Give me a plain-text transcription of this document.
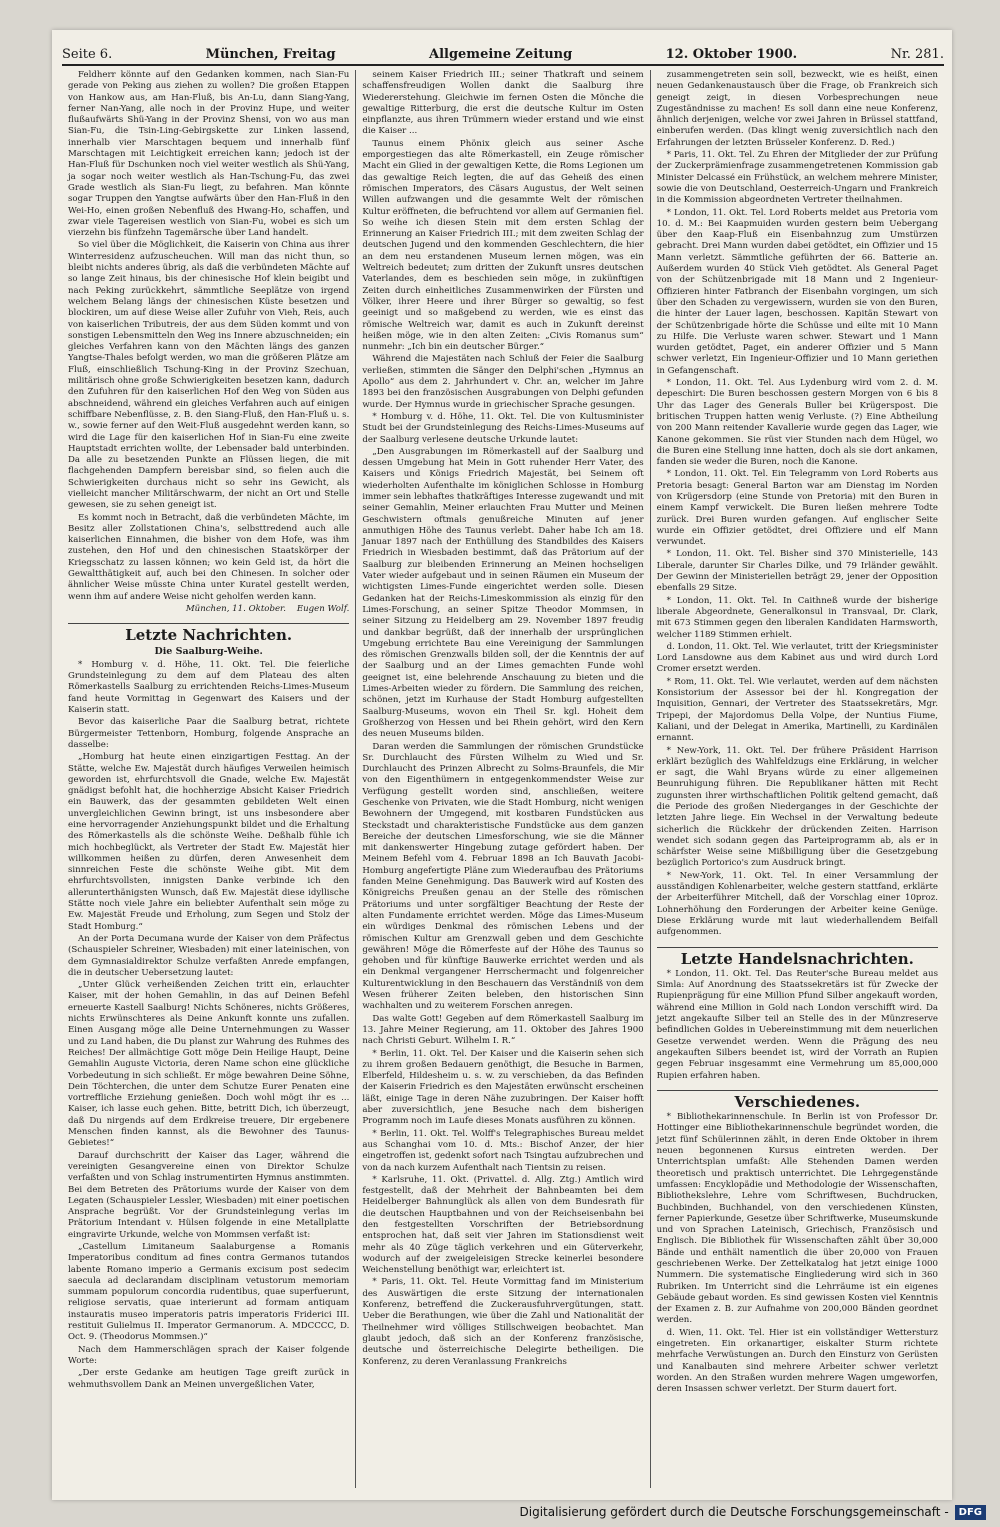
Seite 6.	München, Freitag	Allgemeine Zeitung	12. Oktober 1900.	Nr. 281.

Feldherr könnte auf den Gedanken kommen, nach Sian-Fu gerade von Peking aus ziehen zu wollen? Die großen Etappen von Hankow aus, am Han-Fluß, bis An-Lu, dann Siang-Yang, ferner Nan-Yang, alle noch in der Provinz Hupe, und weiter flußaufwärts Shü-Yang in der Provinz Shensi, von wo aus man Sian-Fu, die Tsin-Ling-Gebirgskette zur Linken lassend, innerhalb vier Marschtagen bequem und innerhalb fünf Marschtagen mit Leichtigkeit erreichen kann; jedoch ist der Han-Fluß für Dschunken noch viel weiter westlich als Shü-Yang, ja sogar noch weiter westlich als Han-Tschung-Fu, das zwei Grade westlich als Sian-Fu liegt, zu befahren. Man könnte sogar Truppen den Yangtse aufwärts über den Han-Fluß in den Wei-Ho, einen großen Nebenfluß des Hwang-Ho, schaffen, und zwar viele Tagereisen westlich von Sian-Fu, wobei es sich um vierzehn bis fünfzehn Tagemärsche über Land handelt.

So viel über die Möglichkeit, die Kaiserin von China aus ihrer Winterresidenz aufzuscheuchen. Will man das nicht thun, so bleibt nichts anderes übrig, als daß die verbündeten Mächte auf so lange Zeit hinaus, bis der chinesische Hof klein beigibt und nach Peking zurückkehrt, sämmtliche Seeplätze von irgend welchem Belang längs der chinesischen Küste besetzen und blockiren, um auf diese Weise aller Zufuhr von Vieh, Reis, auch von kaiserlichen Tributreis, der aus dem Süden kommt und von sonstigen Lebensmitteln den Weg ins Innere abzuschneiden; ein gleiches Verfahren kann von den Mächten längs des ganzen Yangtse-Thales befolgt werden, wo man die größeren Plätze am Fluß, einschließlich Tschung-King in der Provinz Szechuan, militärisch ohne große Schwierigkeiten besetzen kann, dadurch den Zufuhren für den kaiserlichen Hof den Weg von Süden aus abschneidend, während ein gleiches Verfahren auch auf einigen schiffbare Nebenflüsse, z. B. den Siang-Fluß, den Han-Fluß u. s. w., sowie ferner auf den Weit-Fluß ausgedehnt werden kann, so wird die Lage für den kaiserlichen Hof in Sian-Fu eine zweite Hauptstadt errichten wollte, der Lebensader bald unterbinden. Da alle zu besetzenden Punkte an Flüssen liegen, die mit flachgehenden Dampfern bereisbar sind, so fielen auch die Schwierigkeiten durchaus nicht so sehr ins Gewicht, als vielleicht mancher Militärschwarm, der nicht an Ort und Stelle gewesen, sie zu sehen geneigt ist.

Es kommt noch in Betracht, daß die verbündeten Mächte, im Besitz aller Zollstationen China's, selbsttredend auch alle kaiserlichen Einnahmen, die bisher von dem Hofe, was ihm zustehen, den Hof und den chinesischen Staatskörper der Kriegsschatz zu lassen können; wo kein Geld ist, da hört die Gewaltthätigkeit auf, auch bei den Chinesen. In solcher oder ähnlicher Weise müsste China unter Kuratel gestellt werden, wenn ihm auf andere Weise nicht geholfen werden kann.

München, 11. Oktober. Eugen Wolf.
Letzte Nachrichten.
Die Saalburg-Weihe.

* Homburg v. d. Höhe, 11. Okt. Tel. Die feierliche Grundsteinlegung zu dem auf dem Plateau des alten Römerkastells Saalburg zu errichtenden Reichs-Limes-Museum fand heute Vormittag in Gegenwart des Kaisers und der Kaiserin statt.

Bevor das kaiserliche Paar die Saalburg betrat, richtete Bürgermeister Tettenborn, Homburg, folgende Ansprache an dasselbe:

„Homburg hat heute einen einzigartigen Festtag. An der Stätte, welche Ew. Majestät durch häufiges Verweilen heimisch geworden ist, ehrfurchtsvoll die Gnade, welche Ew. Majestät gnädigst befohlt hat, die hochherzige Absicht Kaiser Friedrich ein Bauwerk, das der gesammten gebildeten Welt einen unvergleichlichen Gewinn bringt, ist uns insbesondere aber eine hervorragender Anziehungspunkt bildet und die Erhaltung des Römerkastells als die schönste Weihe. Deßhalb fühle ich mich hochbeglückt, als Vertreter der Stadt Ew. Majestät hier willkommen heißen zu dürfen, deren Anwesenheit dem sinnreichen Feste die schönste Weihe gibt. Mit dem ehrfurchtsvollsten, innigsten Danke verbinde ich den allerunterthänigsten Wunsch, daß Ew. Majestät diese idyllische Stätte noch viele Jahre ein beliebter Aufenthalt sein möge zu Ew. Majestät Freude und Erholung, zum Segen und Stolz der Stadt Homburg.“

An der Porta Decumana wurde der Kaiser von dem Präfectus (Schauspieler Schreiner, Wiesbaden) mit einer lateinischen, von dem Gymnasialdirektor Schulze verfaßten Anrede empfangen, die in deutscher Uebersetzung lautet:

„Unter Glück verheißenden Zeichen tritt ein, erlauchter Kaiser, mit der hohen Gemahlin, in das auf Deinen Befehl erneuerte Kastell Saalburg! Nichts Schöneres, nichts Größeres, nichts Erwünschteres als Deine Ankunft konnte uns zufallen. Einen Ausgang möge alle Deine Unternehmungen zu Wasser und zu Land haben, die Du planst zur Wahrung des Ruhmes des Reiches! Der allmächtige Gott möge Dein Heilige Haupt, Deine Gemahlin Auguste Victoria, deren Name schon eine glückliche Vorbedeutung in sich schließt. Er möge bewahren Deine Söhne, Dein Töchterchen, die unter dem Schutze Eurer Penaten eine vortreffliche Erziehung genießen. Doch wohl mögt ihr es ... Kaiser, ich lasse euch gehen. Bitte, betritt Dich, ich überzeugt, daß Du nirgends auf dem Erdkreise treuere, Dir ergebenere Menschen finden kannst, als die Bewohner des Taunus-Gebietes!“

Darauf durchschritt der Kaiser das Lager, während die vereinigten Gesangvereine einen von Direktor Schulze verfaßten und von Schlag instrumentirten Hymnus anstimmten. Bei dem Betreten des Prätoriums wurde der Kaiser von dem Legaten (Schauspieler Lessler, Wiesbaden) mit einer poetischen Ansprache begrüßt. Vor der Grundsteinlegung verlas im Prätorium Intendant v. Hülsen folgende in eine Metallplatte eingravirte Urkunde, welche von Mommsen verfaßt ist:

„Castellum Limitaneum Saalaburgense a Romanis Imperatoribus conditum ad fines contra Germanos tutandos labente Romano imperio a Germanis excisum post sedecim saecula ad declarandam disciplinam vetustorum memoriam summam populorum concordia rudentibus, quae superfuerunt, religiose servatis, quae interierunt ad formam antiquam instauratis museo imperatoris patris imperatoris Friderici III. restituit Gulielmus II. Imperator Germanorum. A. MDCCCC, D. Oct. 9. (Theodorus Mommsen.)“

Nach dem Hammerschlägen sprach der Kaiser folgende Worte:

„Der erste Gedanke am heutigen Tage greift zurück in wehmuthsvollem Dank an Meinen unvergeßlichen Vater,

seinem Kaiser Friedrich III.; seiner Thatkraft und seinem schaffensfreudigen Wollen dankt die Saalburg ihre Wiedererstehung. Gleichwie im fernen Osten die Mönche die gewaltige Ritterburg, die erst die deutsche Kultur im Osten einpflanzte, aus ihren Trümmern wieder erstand und wie einst die Kaiser ...

Taunus einem Phönix gleich aus seiner Asche emporgestiegen das alte Römerkastell, ein Zeuge römischer Macht ein Glied in der gewaltigen Kette, die Roms Legionen um das gewaltige Reich legten, die auf das Geheiß des einen römischen Imperators, des Cäsars Augustus, der Welt seinen Willen aufzwangen und die gesammte Welt der römischen Kultur eröffneten, die befruchtend vor allem auf Germanien fiel. So weihe ich diesen Stein mit dem ersten Schlag der Erinnerung an Kaiser Friedrich III.; mit dem zweiten Schlag der deutschen Jugend und den kommenden Geschlechtern, die hier an dem neu erstandenen Museum lernen mögen, was ein Weltreich bedeutet; zum dritten der Zukunft unsres deutschen Vaterlandes, dem es beschieden sein möge, in zukünftigen Zeiten durch einheitliches Zusammenwirken der Fürsten und Völker, ihrer Heere und ihrer Bürger so gewaltig, so fest geeinigt und so maßgebend zu werden, wie es einst das römische Weltreich war, damit es auch in Zukunft dereinst heißen möge, wie in den alten Zeiten: „Civis Romanus sum“ nunmehr: „Ich bin ein deutscher Bürger.“

Während die Majestäten nach Schluß der Feier die Saalburg verließen, stimmten die Sänger den Delphi'schen „Hymnus an Apollo“ aus dem 2. Jahrhundert v. Chr. an, welcher im Jahre 1893 bei den französischen Ausgrabungen von Delphi gefunden wurde. Der Hymnus wurde in griechischer Sprache gesungen.

* Homburg v. d. Höhe, 11. Okt. Tel. Die von Kultusminister Studt bei der Grundsteinlegung des Reichs-Limes-Museums auf der Saalburg verlesene deutsche Urkunde lautet:

„Den Ausgrabungen im Römerkastell auf der Saalburg und dessen Umgebung hat Mein in Gott ruhender Herr Vater, des Kaisers und Königs Friedrich Majestät, bei Seinem oft wiederholten Aufenthalte im königlichen Schlosse in Homburg immer sein lebhaftes thatkräftiges Interesse zugewandt und mit seiner Gemahlin, Meiner erlauchten Frau Mutter und Meinen Geschwistern oftmals genußreiche Minuten auf jener anmuthigen Höhe des Taunus verlebt. Daher habe Ich am 18. Januar 1897 nach der Enthüllung des Standbildes des Kaisers Friedrich in Wiesbaden bestimmt, daß das Prätorium auf der Saalburg zur bleibenden Erinnerung an Meinen hochseligen Vater wieder aufgebaut und in seinen Räumen ein Museum der wichtigsten Limes-Funde eingerichtet werden solle. Diesen Gedanken hat der Reichs-Limeskommission als einzig für den Limes-Forschung, an seiner Spitze Theodor Mommsen, in seiner Sitzung zu Heidelberg am 29. November 1897 freudig und dankbar begrüßt, daß der innerhalb der ursprünglichen Umgebung errichtete Bau eine Vereinigung der Sammlungen des römischen Grenzwalls bilden soll, der die Kenntnis der auf der Saalburg und an der Limes gemachten Funde wohl geeignet ist, eine belehrende Anschauung zu bieten und die Limes-Arbeiten wieder zu fördern. Die Sammlung des reichen, schönen, jetzt im Kurhause der Stadt Homburg aufgestellten Saalburg-Museums, wovon ein Theil Sr. kgl. Hoheit dem Großherzog von Hessen und bei Rhein gehört, wird den Kern des neuen Museums bilden.

Daran werden die Sammlungen der römischen Grundstücke Sr. Durchlaucht des Fürsten Wilhelm zu Wied und Sr. Durchlaucht des Prinzen Albrecht zu Solms-Braunfels, die Mir von den Eigenthümern in entgegenkommendster Weise zur Verfügung gestellt worden sind, anschließen, weitere Geschenke von Privaten, wie die Stadt Homburg, nicht wenigen Bewohnern der Umgegend, mit kostbaren Fundstücken aus Steckstadt und charakteristische Fundstücke aus dem ganzen Bereiche der deutschen Limesforschung, wie sie die Männer mit dankenswerter Hingebung zutage gefördert haben. Der Meinem Befehl vom 4. Februar 1898 an Ich Bauvath Jacobi-Homburg angefertigte Pläne zum Wiederaufbau des Prätoriums fanden Meine Genehmigung. Das Bauwerk wird auf Kosten des Königreichs Preußen genau an der Stelle des römischen Prätoriums und unter sorgfältiger Beachtung der Reste der alten Fundamente errichtet werden. Möge das Limes-Museum ein würdiges Denkmal des römischen Lebens und der römischen Kultur am Grenzwall geben und dem Geschichte gewähren! Möge die Römerfeste auf der Höhe des Taunus so gehoben und für künftige Bauwerke errichtet werden und als ein Denkmal vergangener Herrschermacht und folgenreicher Kulturentwicklung in den Beschauern das Verständniß von dem Wesen früherer Zeiten beleben, den historischen Sinn wachhalten und zu weiterem Forschen anregen.

Das walte Gott! Gegeben auf dem Römerkastell Saalburg im 13. Jahre Meiner Regierung, am 11. Oktober des Jahres 1900 nach Christi Geburt. Wilhelm I. R.“

* Berlin, 11. Okt. Tel. Der Kaiser und die Kaiserin sehen sich zu ihrem großen Bedauern genöthigt, die Besuche in Barmen, Elberfeld, Hildesheim u. s. w. zu verschieben, da das Befinden der Kaiserin Friedrich es den Majestäten erwünscht erscheinen läßt, einige Tage in deren Nähe zuzubringen. Der Kaiser hofft aber zuversichtlich, jene Besuche nach dem bisherigen Programm noch im Laufe dieses Monats ausführen zu können.

* Berlin, 11. Okt. Tel. Wolff's Telegraphisches Bureau meldet aus Schanghai vom 10. d. Mts.: Bischof Anzer, der hier eingetroffen ist, gedenkt sofort nach Tsingtau aufzubrechen und von da nach kurzem Aufenthalt nach Tientsin zu reisen.

* Karlsruhe, 11. Okt. (Privattel. d. Allg. Ztg.) Amtlich wird festgestellt, daß der Mehrheit der Bahnbeamten bei dem Heidelberger Bahnunglück als allen von dem Bundesrath für die deutschen Hauptbahnen und von der Reichseisenbahn bei den festgestellten Vorschriften der Betriebsordnung entsprochen hat, daß seit vier Jahren im Stationsdienst weit mehr als 40 Züge täglich verkehren und ein Güterverkehr, wodurch auf der zweigeleisigen Strecke keinerlei besondere Weichenstellung benöthigt war, erleichtert ist.

* Paris, 11. Okt. Tel. Heute Vormittag fand im Ministerium des Auswärtigen die erste Sitzung der internationalen Konferenz, betreffend die Zuckerausfuhrvergütungen, statt. Ueber die Berathungen, wie über die Zahl und Nationalität der Theilnehmer wird völliges Stillschweigen beobachtet. Man glaubt jedoch, daß sich an der Konferenz französische, deutsche und österreichische Delegirte betheiligen. Die Konferenz, zu deren Veranlassung Frankreichs

zusammengetreten sein soll, bezweckt, wie es heißt, einen neuen Gedankenaustausch über die Frage, ob Frankreich sich geneigt zeigt, in diesen Vorbesprechungen neue Zugeständnisse zu machen! Es soll dann eine neue Konferenz, ähnlich derjenigen, welche vor zwei Jahren in Brüssel stattfand, einberufen werden. (Das klingt wenig zuversichtlich nach den Erfahrungen der letzten Brüsseler Konferenz. D. Red.)

* Paris, 11. Okt. Tel. Zu Ehren der Mitglieder der zur Prüfung der Zuckerprämienfrage zusammengetretenen Kommission gab Minister Delcassé ein Frühstück, an welchem mehrere Minister, sowie die von Deutschland, Oesterreich-Ungarn und Frankreich in die Kommission abgeordneten Vertreter theilnahmen.

* London, 11. Okt. Tel. Lord Roberts meldet aus Pretoria vom 10. d. M.: Bei Kaapmuiden wurden gestern beim Uebergang über den Kaap-Fluß ein Eisenbahnzug zum Umstürzen gebracht. Drei Mann wurden dabei getödtet, ein Offizier und 15 Mann verletzt. Sämmtliche geführten der 66. Batterie an. Außerdem wurden 40 Stück Vieh getödtet. Als General Paget von der Schützenbrigade mit 18 Mann und 2 Ingenieur-Offizieren hinter Fatbranch der Eisenbahn vorgingen, um sich über den Schaden zu vergewissern, wurden sie von den Buren, die hinter der Lauer lagen, beschossen. Kapitän Stewart von der Schützenbrigade hörte die Schüsse und eilte mit 10 Mann zu Hilfe. Die Verluste waren schwer. Stewart und 1 Mann wurden getödtet, Paget, ein anderer Offizier und 5 Mann schwer verletzt, Ein Ingenieur-Offizier und 10 Mann geriethen in Gefangenschaft.

* London, 11. Okt. Tel. Aus Lydenburg wird vom 2. d. M. depeschirt: Die Buren beschossen gestern Morgen von 6 bis 8 Uhr das Lager des Generals Buller bei Krügerspost. Die britischen Truppen hatten wenig Verluste. (?) Eine Abtheilung von 200 Mann reitender Kavallerie wurde gegen das Lager, wie Kanone gekommen. Sie rüst vier Stunden nach dem Hügel, wo die Buren eine Stellung inne hatten, doch als sie dort ankamen, fanden sie weder die Buren, noch die Kanone.

* London, 11. Okt. Tel. Ein Telegramm von Lord Roberts aus Pretoria besagt: General Barton war am Dienstag im Norden von Krügersdorp (eine Stunde von Pretoria) mit den Buren in einem Kampf verwickelt. Die Buren ließen mehrere Todte zurück. Drei Buren wurden gefangen. Auf englischer Seite wurde ein Offizier getödtet, drei Offiziere und elf Mann verwundet.

* London, 11. Okt. Tel. Bisher sind 370 Ministerielle, 143 Liberale, darunter Sir Charles Dilke, und 79 Irländer gewählt. Der Gewinn der Ministeriellen beträgt 29, jener der Opposition ebenfalls 29 Sitze.

* London, 11. Okt. Tel. In Caithneß wurde der bisherige liberale Abgeordnete, Generalkonsul in Transvaal, Dr. Clark, mit 673 Stimmen gegen den liberalen Kandidaten Harmsworth, welcher 1189 Stimmen erhielt.

d. London, 11. Okt. Tel. Wie verlautet, tritt der Kriegsminister Lord Lansdowne aus dem Kabinet aus und wird durch Lord Cromer ersetzt werden.

* Rom, 11. Okt. Tel. Wie verlautet, werden auf dem nächsten Konsistorium der Assessor bei der hl. Kongregation der Inquisition, Gennari, der Vertreter des Staatssekretärs, Mgr. Tripepi, der Majordomus Della Volpe, der Nuntius Fiume, Kaliani, und der Delegat in Amerika, Martinelli, zu Kardinälen ernannt.

* New-York, 11. Okt. Tel. Der frühere Präsident Harrison erklärt bezüglich des Wahlfeldzugs eine Erklärung, in welcher er sagt, die Wahl Bryans würde zu einer allgemeinen Beunruhigung führen. Die Republikaner hätten mit Recht zugunsten ihrer wirthschaftlichen Politik geltend gemacht, daß die Periode des großen Niederganges in der Geschichte der letzten Jahre liege. Ein Wechsel in der Verwaltung bedeute sicherlich die Rückkehr der drückenden Zeiten. Harrison wendet sich sodann gegen das Parteiprogramm ab, als er in schärfster Weise seine Mißbilligung über die Gesetzgebung bezüglich Portorico's zum Ausdruck bringt.

* New-York, 11. Okt. Tel. In einer Versammlung der ausständigen Kohlenarbeiter, welche gestern stattfand, erklärte der Arbeiterführer Mitchell, daß der Vorschlag einer 10proz. Lohnerhöhung den Forderungen der Arbeiter keine Genüge. Diese Erklärung wurde mit laut wiederhallendem Beifall aufgenommen.

Letzte Handelsnachrichten.

* London, 11. Okt. Tel. Das Reuter'sche Bureau meldet aus Simla: Auf Anordnung des Staatssekretärs ist für Zwecke der Rupienprägung für eine Million Pfund Silber angekauft worden, während eine Million in Gold nach London verschifft wird. Da jetzt angekaufte Silber teil an Stelle des in der Münzreserve befindlichen Goldes in Uebereinstimmung mit dem neuerlichen Gesetze verwendet werden. Wenn die Prägung des neu angekauften Silbers beendet ist, wird der Vorrath an Rupien gegen Februar insgesammt eine Vermehrung um 85,000,000 Rupien erfahren haben.

Verschiedenes.

* Bibliothekarinnenschule. In Berlin ist von Professor Dr. Hottinger eine Bibliothekarinnenschule begründet worden, die jetzt fünf Schülerinnen zählt, in deren Ende Oktober in ihrem neuen begonnenen Kursus eintreten werden. Der Unterrichtsplan umfaßt: Alle Stehenden Damen werden theoretisch und praktisch unterrichtet. Die Lehrgegenstände umfassen: Encyklopädie und Methodologie der Wissenschaften, Bibliothekslehre, Lehre vom Schriftwesen, Buchdrucken, Buchbinden, Buchhandel, von den verschiedenen Künsten, ferner Papierkunde, Gesetze über Schriftwerke, Museumskunde und von Sprachen Lateinisch, Griechisch, Französisch und Englisch. Die Bibliothek für Wissenschaften zählt über 30,000 Bände und enthält namentlich die über 20,000 von Frauen geschriebenen Werke. Der Zettelkatalog hat jetzt einige 1000 Nummern. Die systematische Eingliederung wird sich in 360 Rubriken. Im Unterricht sind die Lehrräume ist ein eigenes Gebäude gebaut worden. Es sind gewissen Kosten viel Kenntnis der Examen z. B. zur Aufnahme von 200,000 Bänden geordnet werden.

d. Wien, 11. Okt. Tel. Hier ist ein vollständiger Wettersturz eingetreten. Ein orkanartiger, eiskalter Sturm richtete mehrfache Verwüstungen an. Durch den Einsturz von Gerüsten und Kanalbauten sind mehrere Arbeiter schwer verletzt worden. An den Straßen wurden mehrere Wagen umgeworfen, deren Insassen schwer verletzt. Der Sturm dauert fort.

Digitalisierung gefördert durch die Deutsche Forschungsgemeinschaft -	DFG
